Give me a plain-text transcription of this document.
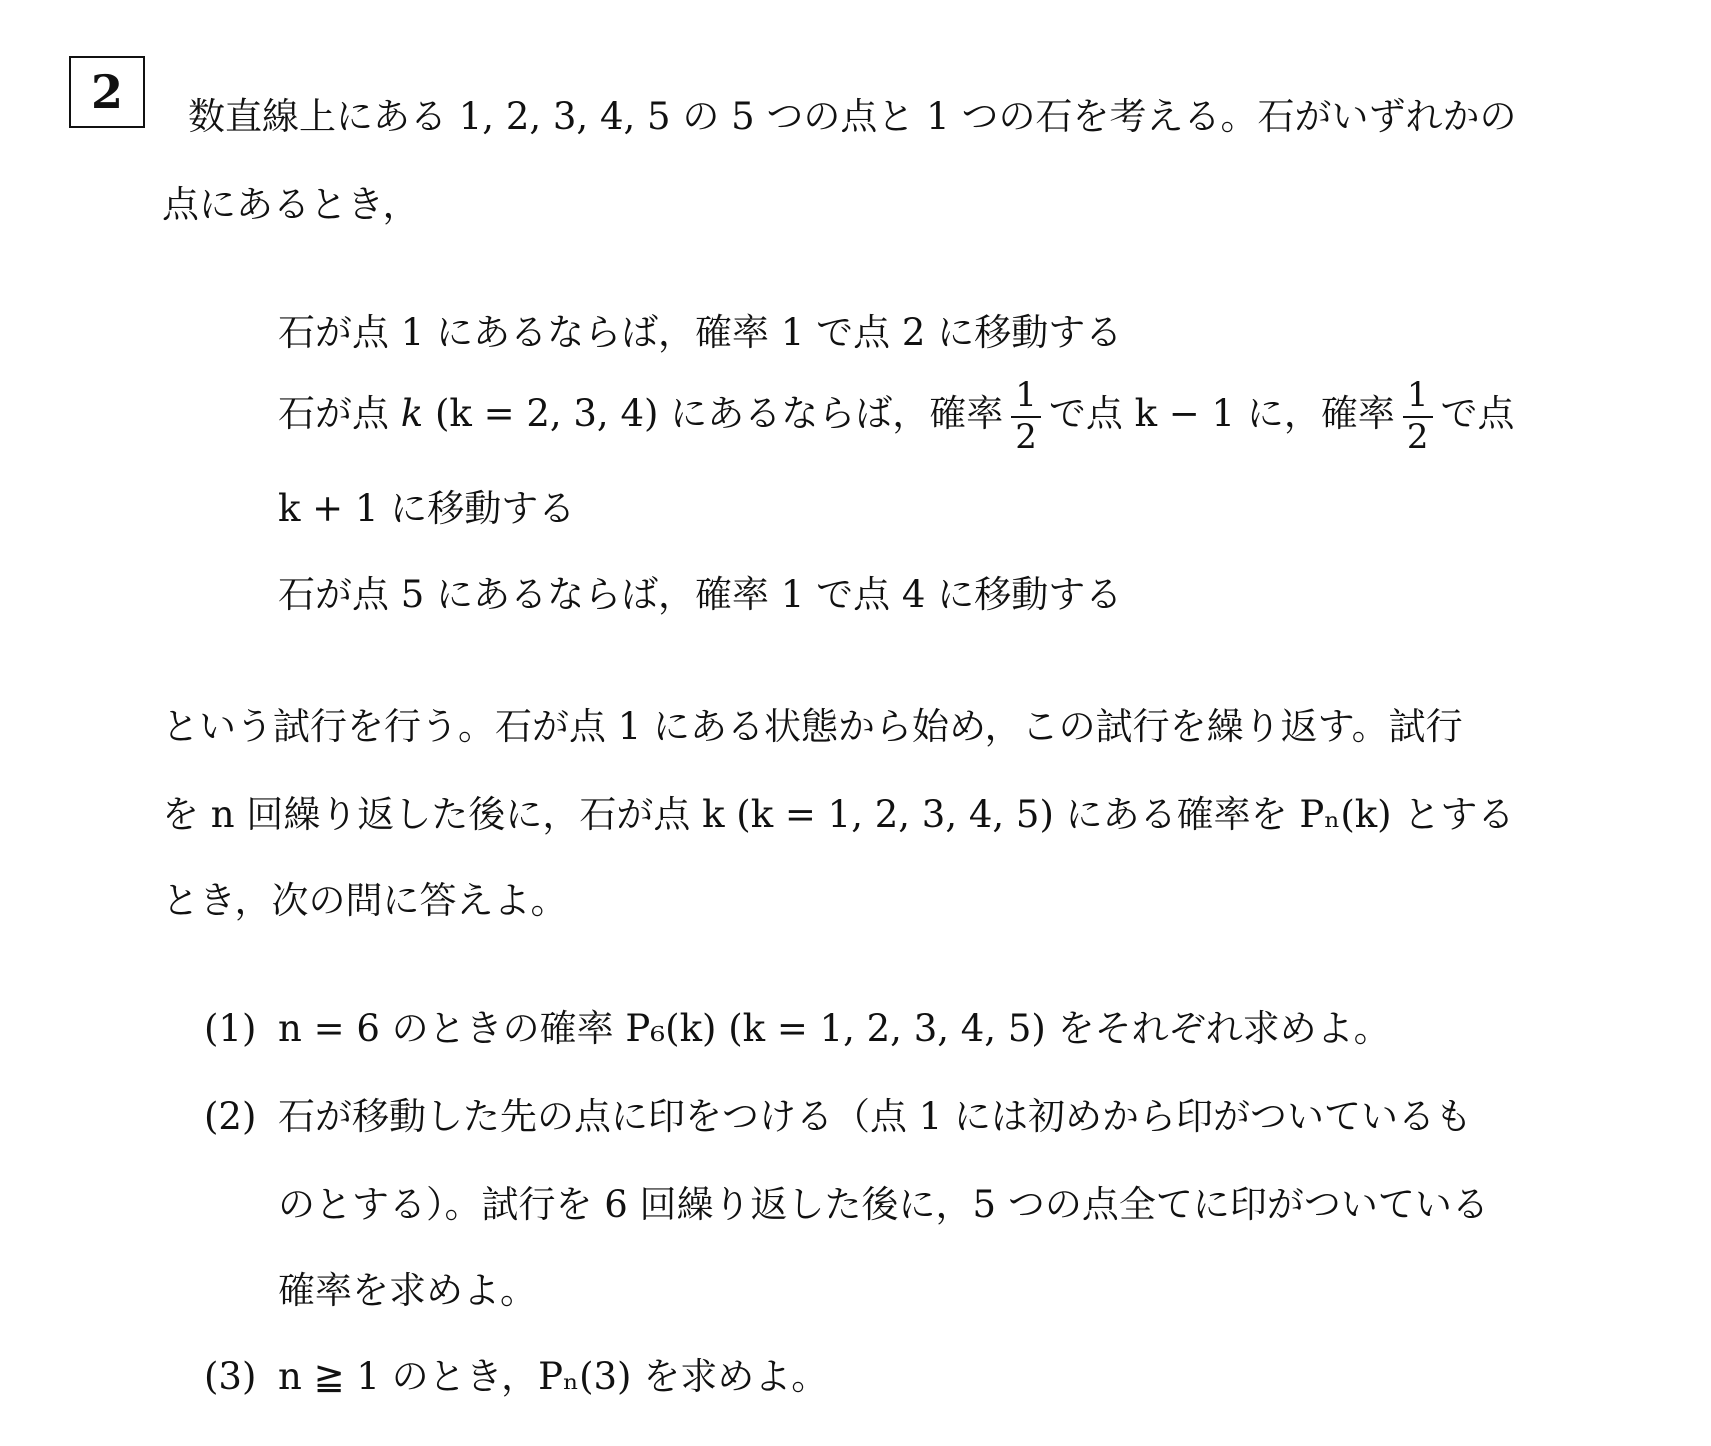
2	数直線上にある 1, 2, 3, 4, 5 の 5 つの点と 1 つの石を考える。石がいずれかの
点にあるとき，
石が点 1 にあるならば，確率 1 で点 2 に移動する
石が点 k (k = 2, 3, 4) にあるならば，確率 $\frac{1}{2}$ で点 k − 1 に，確率 $\frac{1}{2}$ で点
k + 1 に移動する
石が点 5 にあるならば，確率 1 で点 4 に移動する
という試行を行う。石が点 1 にある状態から始め，この試行を繰り返す。試行
を n 回繰り返した後に，石が点 k (k = 1, 2, 3, 4, 5) にある確率を Pₙ(k) とする
とき，次の問に答えよ。
(1) n = 6 のときの確率 P₆(k) (k = 1, 2, 3, 4, 5) をそれぞれ求めよ。
(2) 石が移動した先の点に印をつける（点 1 には初めから印がついているも
のとする）。試行を 6 回繰り返した後に，5 つの点全てに印がついている
確率を求めよ。
(3) n ≧ 1 のとき，Pₙ(3) を求めよ。
